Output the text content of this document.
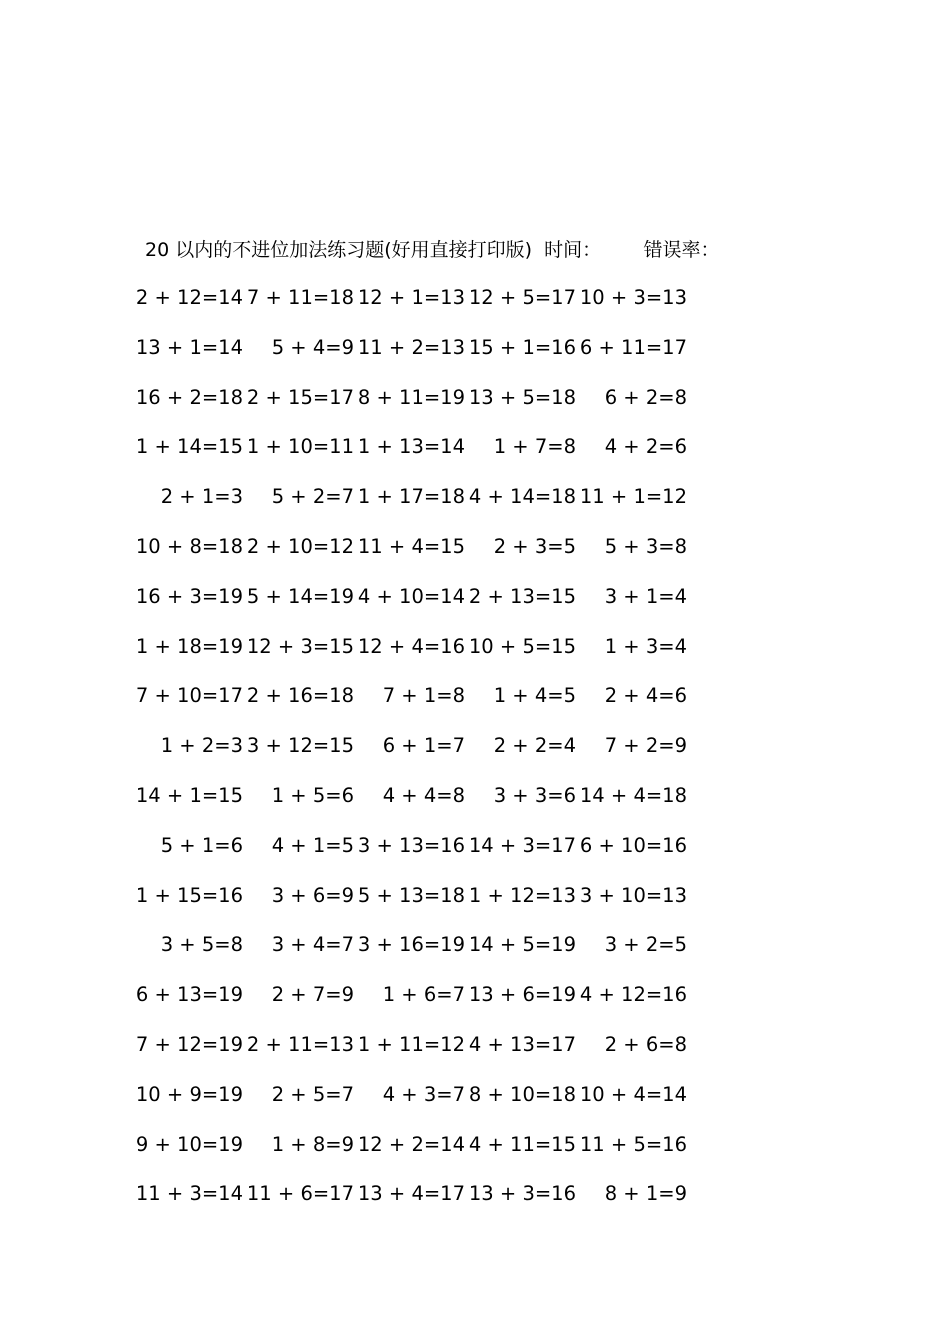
20 以内的不进位加法练习题(好用直接打印版) 时间： 错误率：
2 + 12=14 7 + 11=18 12 + 1=13 12 + 5=17 10 + 3=13
13 + 1=14	5 + 4=9 11 + 2=13 15 + 1=16 6 + 11=17
16 + 2=18 2 + 15=17 8 + 11=19 13 + 5=18	6 + 2=8
1 + 14=15 1 + 10=11 1 + 13=14	1 + 7=8	4 + 2=6
2 + 1=3	5 + 2=7 1 + 17=18 4 + 14=18 11 + 1=12
10 + 8=18 2 + 10=12 11 + 4=15	2 + 3=5	5 + 3=8
16 + 3=19 5 + 14=19 4 + 10=14 2 + 13=15	3 + 1=4
1 + 18=19 12 + 3=15 12 + 4=16 10 + 5=15	1 + 3=4
7 + 10=17 2 + 16=18	7 + 1=8	1 + 4=5	2 + 4=6
1 + 2=3 3 + 12=15	6 + 1=7	2 + 2=4	7 + 2=9
14 + 1=15	1 + 5=6	4 + 4=8	3 + 3=6 14 + 4=18
5 + 1=6	4 + 1=5 3 + 13=16 14 + 3=17 6 + 10=16
1 + 15=16	3 + 6=9 5 + 13=18 1 + 12=13 3 + 10=13
3 + 5=8	3 + 4=7 3 + 16=19 14 + 5=19	3 + 2=5
6 + 13=19	2 + 7=9	1 + 6=7 13 + 6=19 4 + 12=16
7 + 12=19 2 + 11=13 1 + 11=12 4 + 13=17	2 + 6=8
10 + 9=19	2 + 5=7	4 + 3=7 8 + 10=18 10 + 4=14
9 + 10=19	1 + 8=9 12 + 2=14 4 + 11=15 11 + 5=16
11 + 3=14 11 + 6=17 13 + 4=17 13 + 3=16	8 + 1=9
